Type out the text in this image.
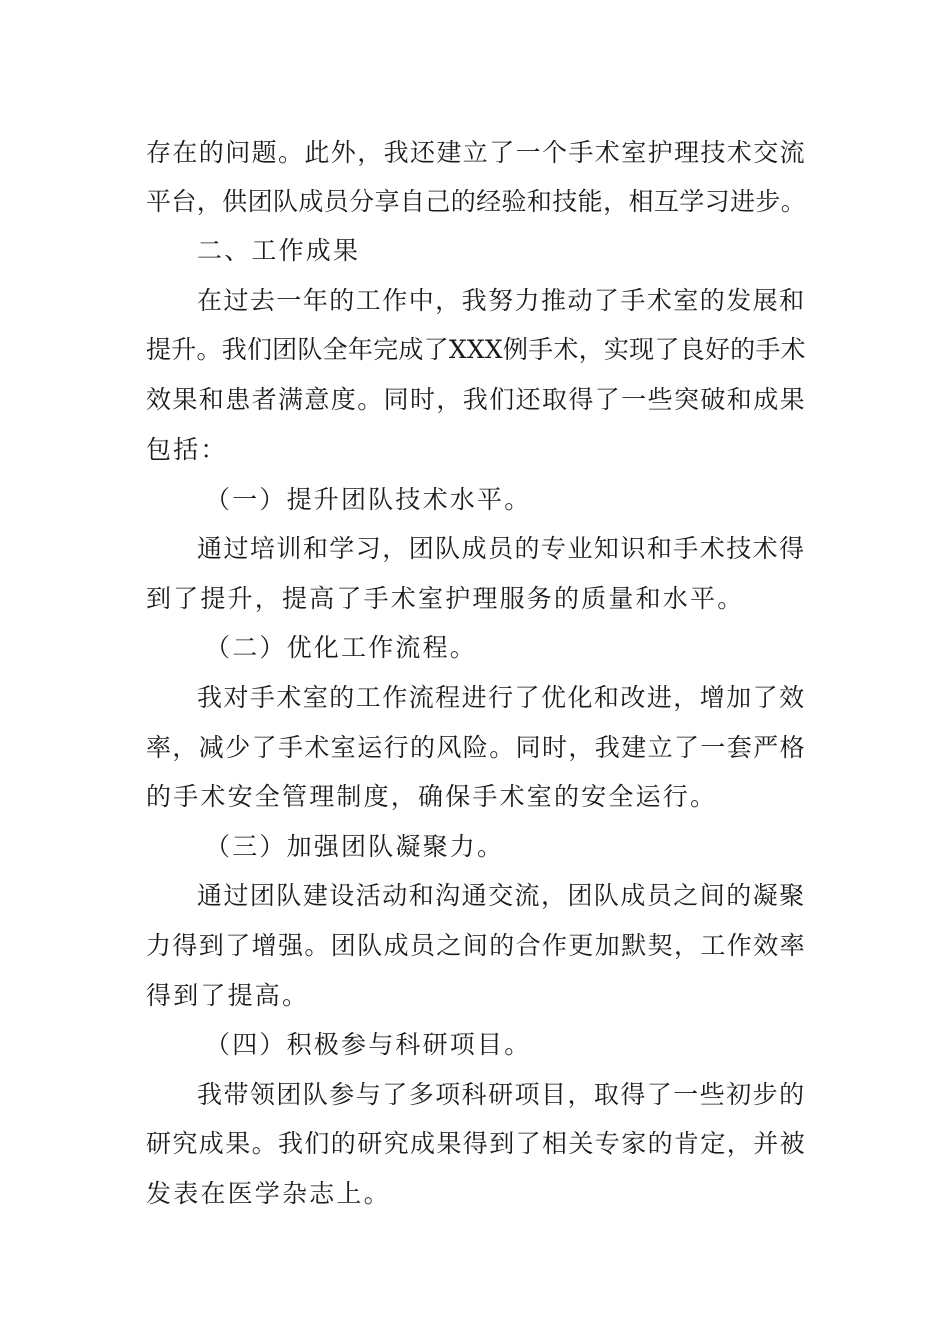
存在的问题。此外，我还建立了一个手术室护理技术交流
平台，供团队成员分享自己的经验和技能，相互学习进步。
二、工作成果
在过去一年的工作中，我努力推动了手术室的发展和
提升。我们团队全年完成了XXX例手术，实现了良好的手术
效果和患者满意度。同时，我们还取得了一些突破和成果
包括：
（一）提升团队技术水平。
通过培训和学习，团队成员的专业知识和手术技术得
到了提升，提高了手术室护理服务的质量和水平。
（二）优化工作流程。
我对手术室的工作流程进行了优化和改进，增加了效
率，减少了手术室运行的风险。同时，我建立了一套严格
的手术安全管理制度，确保手术室的安全运行。
（三）加强团队凝聚力。
通过团队建设活动和沟通交流，团队成员之间的凝聚
力得到了增强。团队成员之间的合作更加默契，工作效率
得到了提高。
（四）积极参与科研项目。
我带领团队参与了多项科研项目，取得了一些初步的
研究成果。我们的研究成果得到了相关专家的肯定，并被
发表在医学杂志上。
